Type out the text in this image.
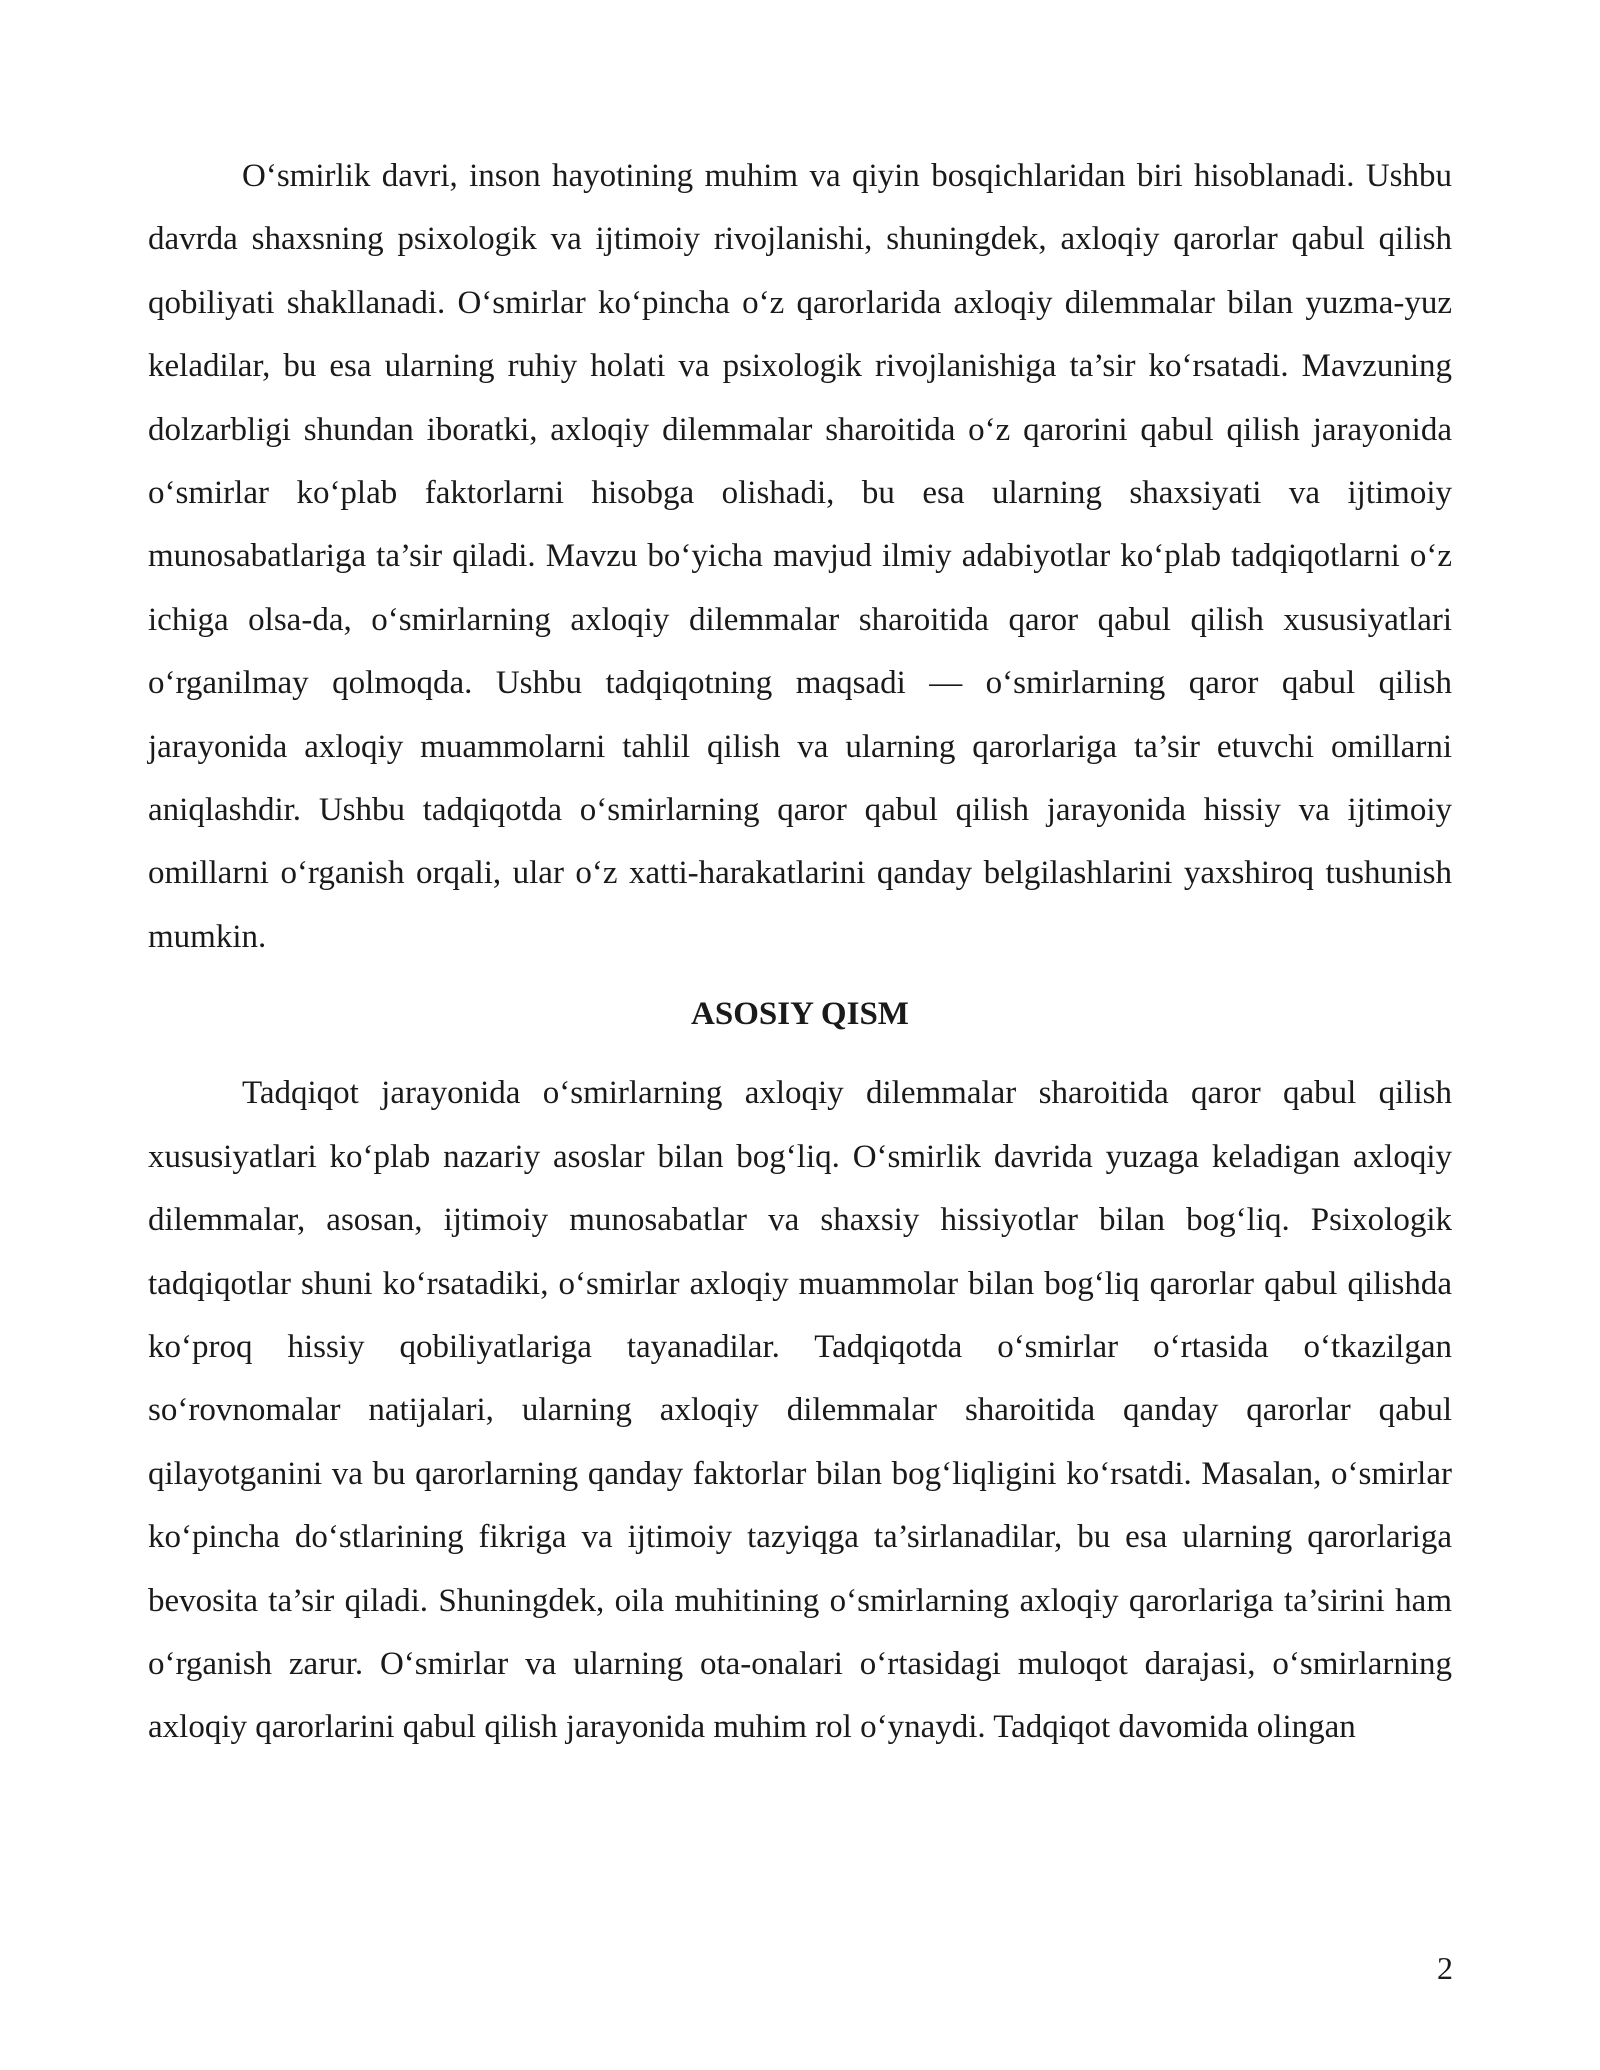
O‘smirlik davri, inson hayotining muhim va qiyin bosqichlaridan biri hisoblanadi. Ushbu davrda shaxsning psixologik va ijtimoiy rivojlanishi, shuningdek, axloqiy qarorlar qabul qilish qobiliyati shakllanadi. O‘smirlar ko‘pincha o‘z qarorlarida axloqiy dilemmalar bilan yuzma-yuz keladilar, bu esa ularning ruhiy holati va psixologik rivojlanishiga ta’sir ko‘rsatadi. Mavzuning dolzarbligi shundan iboratki, axloqiy dilemmalar sharoitida o‘z qarorini qabul qilish jarayonida o‘smirlar ko‘plab faktorlarni hisobga olishadi, bu esa ularning shaxsiyati va ijtimoiy munosabatlariga ta’sir qiladi. Mavzu bo‘yicha mavjud ilmiy adabiyotlar ko‘plab tadqiqotlarni o‘z ichiga olsa-da, o‘smirlarning axloqiy dilemmalar sharoitida qaror qabul qilish xususiyatlari o‘rganilmay qolmoqda. Ushbu tadqiqotning maqsadi — o‘smirlarning qaror qabul qilish jarayonida axloqiy muammolarni tahlil qilish va ularning qarorlariga ta’sir etuvchi omillarni aniqlashdir. Ushbu tadqiqotda o‘smirlarning qaror qabul qilish jarayonida hissiy va ijtimoiy omillarni o‘rganish orqali, ular o‘z xatti-harakatlarini qanday belgilashlarini yaxshiroq tushunish mumkin.

ASOSIY QISM

Tadqiqot jarayonida o‘smirlarning axloqiy dilemmalar sharoitida qaror qabul qilish xususiyatlari ko‘plab nazariy asoslar bilan bog‘liq. O‘smirlik davrida yuzaga keladigan axloqiy dilemmalar, asosan, ijtimoiy munosabatlar va shaxsiy hissiyotlar bilan bog‘liq. Psixologik tadqiqotlar shuni ko‘rsatadiki, o‘smirlar axloqiy muammolar bilan bog‘liq qarorlar qabul qilishda ko‘proq hissiy qobiliyatlariga tayanadilar. Tadqiqotda o‘smirlar o‘rtasida o‘tkazilgan so‘rovnomalar natijalari, ularning axloqiy dilemmalar sharoitida qanday qarorlar qabul qilayotganini va bu qarorlarning qanday faktorlar bilan bog‘liqligini ko‘rsatdi. Masalan, o‘smirlar ko‘pincha do‘stlarining fikriga va ijtimoiy tazyiqga ta’sirlanadilar, bu esa ularning qarorlariga bevosita ta’sir qiladi. Shuningdek, oila muhitining o‘smirlarning axloqiy qarorlariga ta’sirini ham o‘rganish zarur. O‘smirlar va ularning ota-onalari o‘rtasidagi muloqot darajasi, o‘smirlarning axloqiy qarorlarini qabul qilish jarayonida muhim rol o‘ynaydi. Tadqiqot davomida olingan

2
